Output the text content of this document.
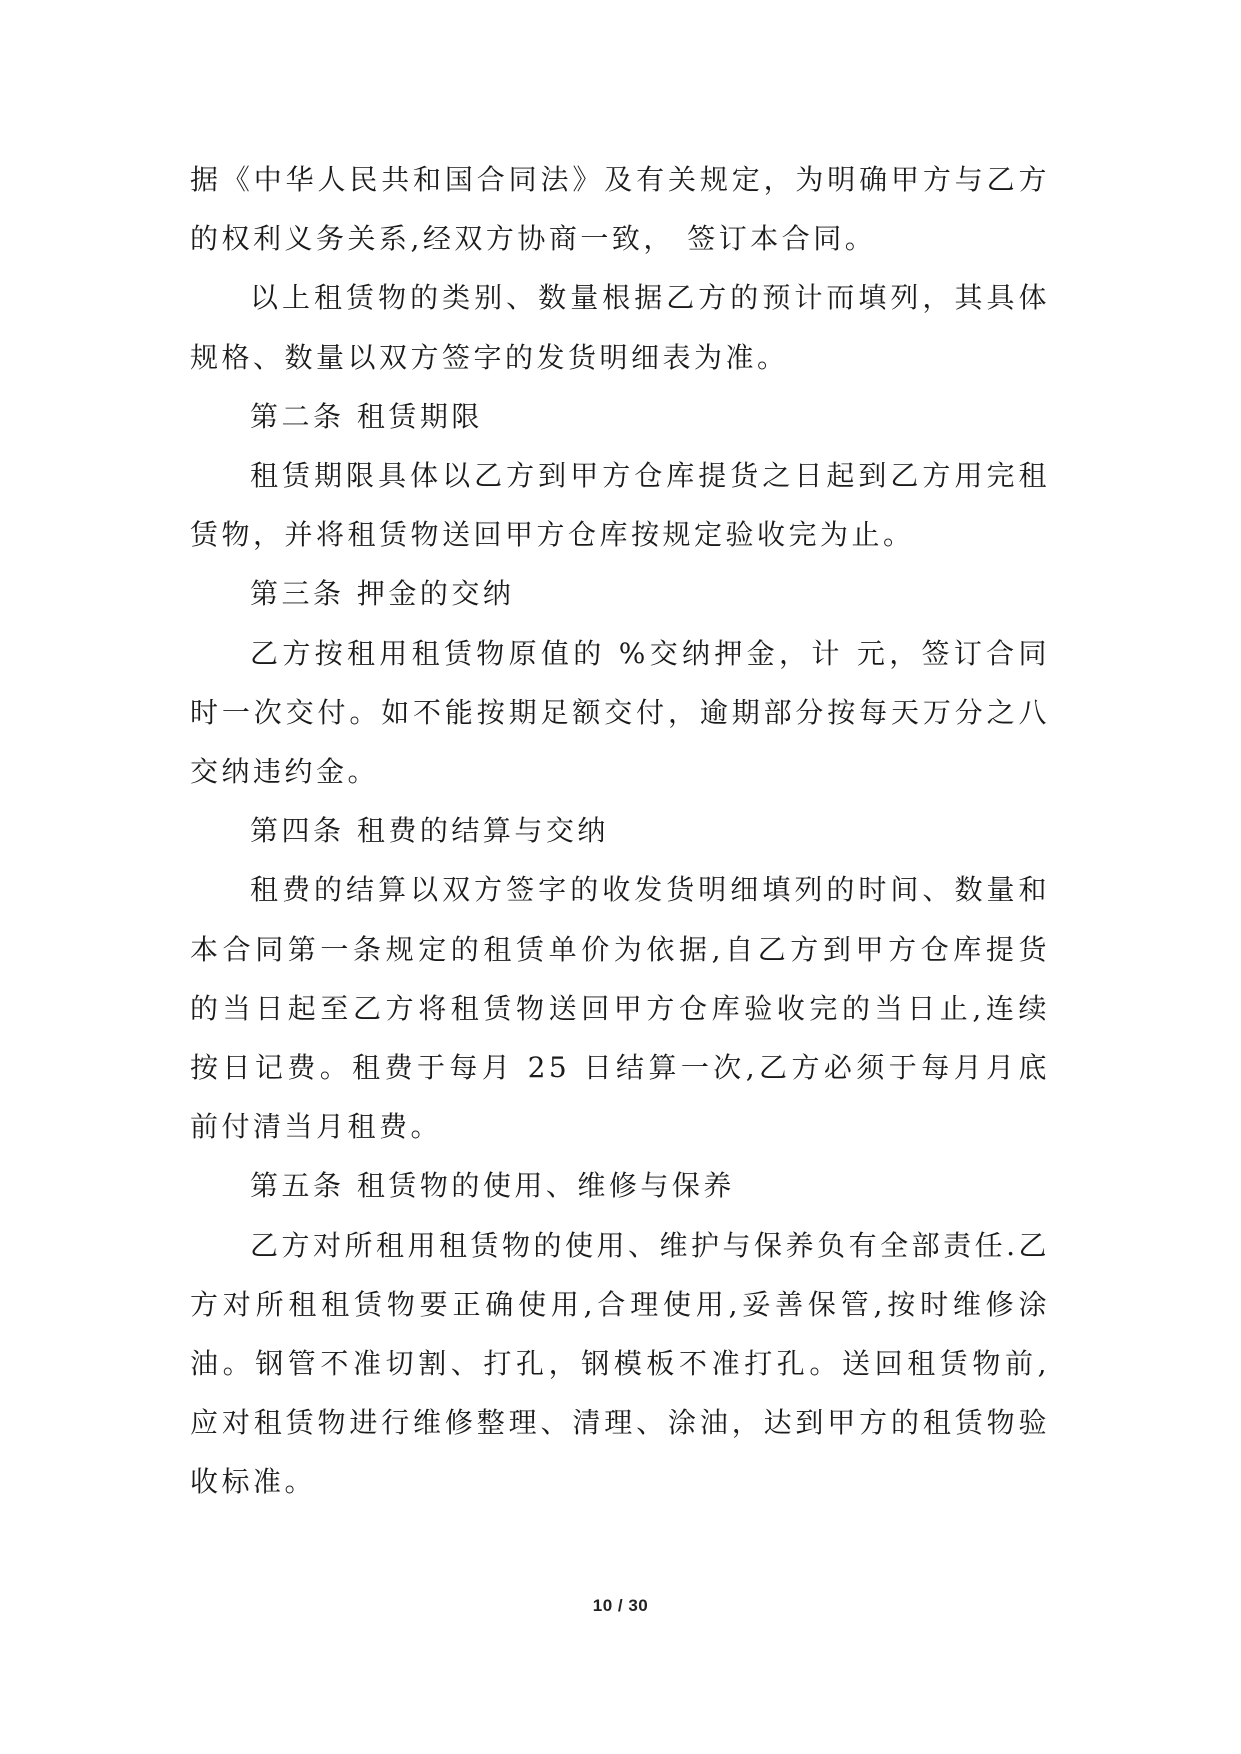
据《中华人民共和国合同法》及有关规定，为明确甲方与乙方的权利义务关系,经双方协商一致， 签订本合同。

以上租赁物的类别、数量根据乙方的预计而填列，其具体规格、数量以双方签字的发货明细表为准。

第二条 租赁期限

租赁期限具体以乙方到甲方仓库提货之日起到乙方用完租赁物，并将租赁物送回甲方仓库按规定验收完为止。

第三条 押金的交纳

乙方按租用租赁物原值的 %交纳押金，计 元，签订合同时一次交付。如不能按期足额交付，逾期部分按每天万分之八交纳违约金。

第四条 租费的结算与交纳

租费的结算以双方签字的收发货明细填列的时间、数量和本合同第一条规定的租赁单价为依据,自乙方到甲方仓库提货的当日起至乙方将租赁物送回甲方仓库验收完的当日止,连续按日记费。租费于每月 25 日结算一次,乙方必须于每月月底前付清当月租费。

第五条 租赁物的使用、维修与保养

乙方对所租用租赁物的使用、维护与保养负有全部责任.乙方对所租租赁物要正确使用,合理使用,妥善保管,按时维修涂油。钢管不准切割、打孔，钢模板不准打孔。送回租赁物前,应对租赁物进行维修整理、清理、涂油，达到甲方的租赁物验收标准。

10 / 30
